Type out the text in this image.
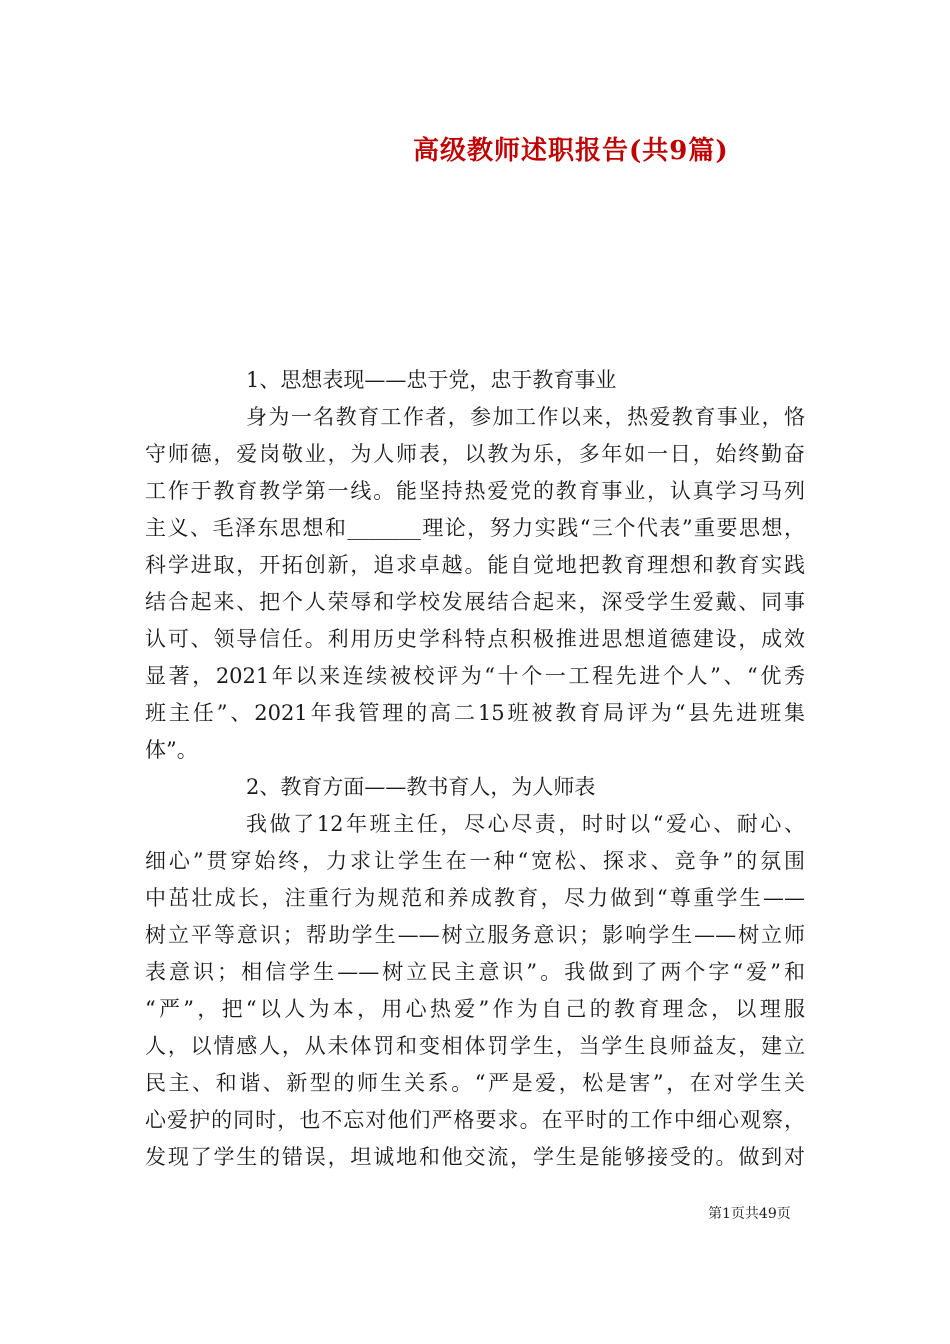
高级教师述职报告(共9篇)
1、思想表现——忠于党，忠于教育事业
身为一名教育工作者，参加工作以来，热爱教育事业，恪
守师德，爱岗敬业，为人师表，以教为乐，多年如一日，始终勤奋
工作于教育教学第一线。能坚持热爱党的教育事业，认真学习马列
主义、毛泽东思想和_______理论，努力实践“三个代表”重要思想，
科学进取，开拓创新，追求卓越。能自觉地把教育理想和教育实践
结合起来、把个人荣辱和学校发展结合起来，深受学生爱戴、同事
认可、领导信任。利用历史学科特点积极推进思想道德建设，成效
显著，2021年以来连续被校评为“十个一工程先进个人”、“优秀
班主任”、2021年我管理的高二15班被教育局评为“县先进班集
体”。
2、教育方面——教书育人，为人师表
我做了12年班主任，尽心尽责，时时以“爱心、耐心、
细心”贯穿始终，力求让学生在一种“宽松、探求、竞争”的氛围
中茁壮成长，注重行为规范和养成教育，尽力做到“尊重学生——
树立平等意识；帮助学生——树立服务意识；影响学生——树立师
表意识；相信学生——树立民主意识”。我做到了两个字“爱”和
“严”，把“以人为本，用心热爱”作为自己的教育理念，以理服
人，以情感人，从未体罚和变相体罚学生，当学生良师益友，建立
民主、和谐、新型的师生关系。“严是爱，松是害”，在对学生关
心爱护的同时，也不忘对他们严格要求。在平时的工作中细心观察，
发现了学生的错误，坦诚地和他交流，学生是能够接受的。做到对
第1页共49页
